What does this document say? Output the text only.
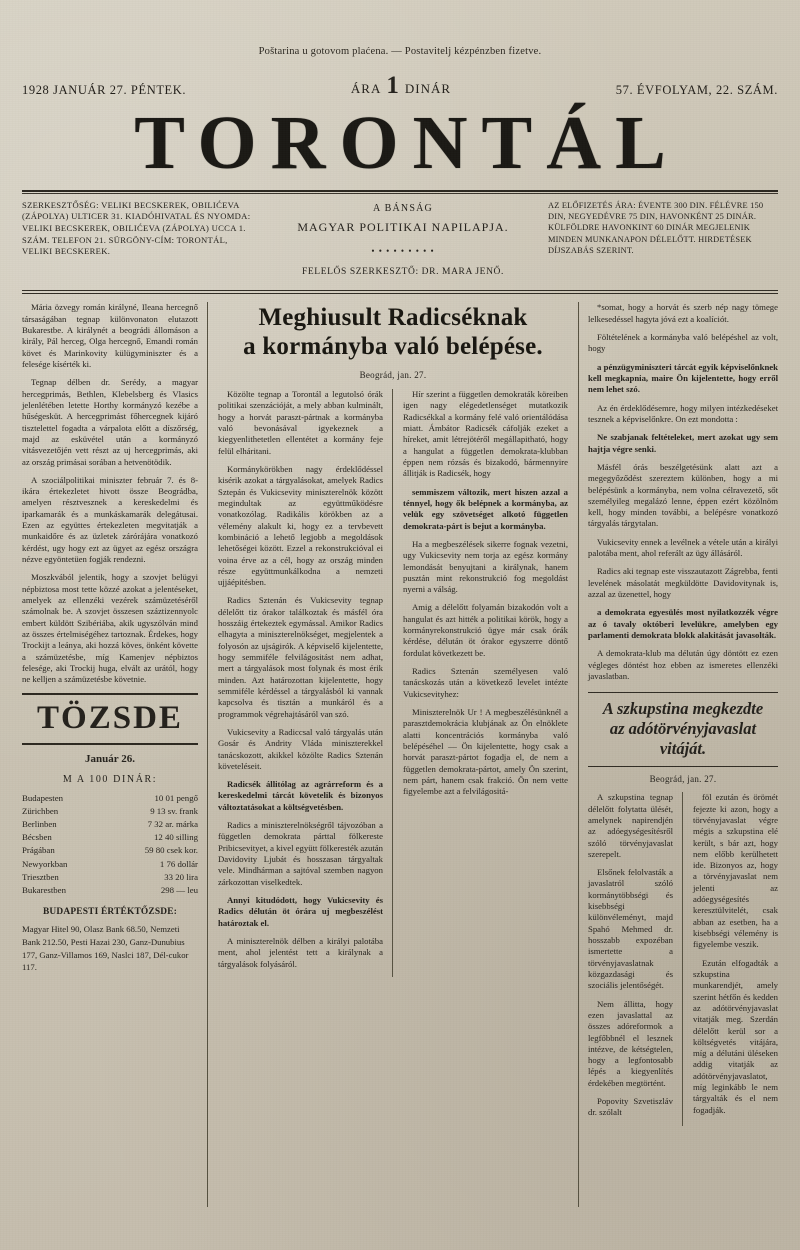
Poštarina u gotovom plaćena. — Postavitelj kézpénzben fizetve.
1928 JANUÁR 27. PÉNTEK.	ÁRA 1 DINÁR	57. ÉVFOLYAM, 22. SZÁM.
TORONTÁL
SZERKESZTŐSÉG: VELIKI BECSKEREK, OBILIĆEVA (ZÁPOLYA) ULTICER 31. KIADÓHIVATAL ÉS NYOMDA: VELIKI BECSKEREK, OBILIĆEVA (ZÁPOLYA) UCCA 1. SZÁM. TELEFON 21. SÜRGÖNY-CÍM: TORONTÁL, VELIKI BECSKEREK.
A BÁNSÁG
MAGYAR POLITIKAI NAPILAPJA.
• • • • • • • • •
FELELŐS SZERKESZTŐ: DR. MARA JENŐ.
AZ ELŐFIZETÉS ÁRA: ÉVENTE 300 DIN. FÉLÉVRE 150 DIN, NEGYEDÉVRE 75 DIN, HAVONKÉNT 25 DINÁR. KÜLFÖLDRE HAVONKINT 60 DINÁR MEGJELENIK MINDEN MUNKANAPON DÉLELŐTT. HIRDETÉSEK DÍJSZABÁS SZERINT.

Mária özvegy román királyné, Ileana hercegnő társaságában tegnap különvonaton elutazott Bukarestbe. A királynét a beográdi állomáson a király, Pál herceg, Olga hercegnő, Emandi román követ és Marinkovity külügyminiszter és a felesége kísérték ki.

Tegnap délben dr. Serédy, a magyar hercegprimás, Bethlen, Klebelsberg és Vlasics jelenlétében letette Horthy kormányzó kezébe a hűségesküt. A hercegprimást főhercegnek kijáró tisztelettel fogadta a várpalota előtt a díszőrség, majd az esküvétel után a kormányzó vitásvezetőjén vett részt az uj hercegprimás, aki az ország primásai sorában a hetvenötödik.

A szociálpolitikai miniszter február 7. és 8-ikára értekezletet hivott össze Beográdba, amelyen résztvesznek a kereskedelmi és iparkamarák és a munkáskamarák delegátusai. Ezen az együttes értekezleten megvitatják a munkaidőre és az üzletek zárórájára vonatkozó kérdést, ugy hogy ezt az ügyet az egész országra nézve egyöntetüen fogják rendezni.

Moszkvából jelentik, hogy a szovjet belügyi népbiztosa most tette közzé azokat a jelentéseket, amelyek az ellenzéki vezérek számüzetéséről számolnak be. A szovjet összesen száztizennyolc embert küldött Szibériába, akik ugyszólván mind az összes értelmiségéhez tartoznak. Érdekes, hogy Trockijt a leánya, aki hozzá köves, önként követte a számüzetésbe, míg Kamenjev népbiztos felesége, aki Trockij huga, elvált az urától, hogy ne kelljen a számüzetésbe követnie.

TÖZSDE
Január 26.
M A 100 DINÁR:
Budapesten	10 01 pengő
Zürichben	9 13 sv. frank
Berlinben	7 32 ar. márka
Bécsben	12 40 silling
Prágában	59 80 csek kor.
Newyorkban	1 76 dollár
Triesztben	33 20 lira
Bukarestben	298 — leu
BUDAPESTI ÉRTÉKTŐZSDE:
Magyar Hitel 90, Olasz Bank 68.50, Nemzeti Bank 212.50, Pesti Hazai 230, Ganz-Dunubius 177, Ganz-Villamos 169, Naslci 187, Dél-cukor 117.
Meghiusult Radicséknak
a kormányba való belépése.
Beográd, jan. 27.

Közölte tegnap a Torontál a legutolsó órák politikai szenzációját, a mely abban kulminált, hogy a horvát paraszt-pártnak a kormányba való bevonásával igyekeznek a kiegyenlithetetlen ellentétet a kormány feje felül elháritani.

Kormánykörökben nagy érdeklődéssel kisérik azokat a tárgyalásokat, amelyek Radics Sztepán és Vukicsevity miniszterelnök között megindultak az együttműködésre vonatkozólag. Radikális körökben az a vélemény alakult ki, hogy ez a tervbevett kombináció a lehető legjobb a megoldások lehetőségei között. Ezzel a rekonstrukcióval ei voina érve az a cél, hogy az ország minden része együttmunkálkodna a nemzeti ujjáépitésben.

Radics Szteпán és Vukicsevity tegnap délelőtt tiz órakor találkoztak és másfél óra hosszáig értekeztek egymással. Amikor Radics elhagyta a miniszterelnökséget, megjelentek a folyosón az ujságirók. A képviselő kijelentette, hogy semmiféle felvilágositást nem adhat, mert a tárgyalások most folynak és most érik minden. Azt határozottan kijelentette, hogy semmiféle kérdéssel a tárgyalásból ki vannak kapcsolva és tisztán a munkáról és a programmok végrehajtásáról van szó.

Vukicsevity a Radiccsal való tárgyalás után Gosár és Andrity Vláda miniszterekkel tanácskozott, akikkel közölte Radics Szteпán követeléseit.

Radicsék állitólag az agrárreform és a kereskedelmi tárcát követelik és bizonyos változtatásokat a költségvetésben.

Radics a miniszterelnökségről tájvozóban a független demokrata párttal fölkereste Pribicsevityet, a kivel együtt fölkeresték azután Davidovity Ljubát és hosszasan tárgyaltak vele. Mindhárman a sajtóval szemben nagyon zárkozottan viselkedtek.

Annyi kitudódott, hogy Vukicsevity és Radics délután öt órára uj megbeszélést határoztak el.

A miniszterelnök délben a királyi palotába ment, ahol jelentést tett a királynak a tárgyalások folyásáról.

Hír szerint a független demokraták köreiben igen nagy elégedetlenséget mutatkozik Radicsékkal a kormány felé való orientálódása miatt. Ámbátor Radicsék cáfolják ezeket a híreket, amit létrejötéről megállapitható, hogy a hangulat a független demokrata-klubban éppen nem rózsás és bizakodó, bármennyire állitják is Radicsék, hogy

semmiszem változik, mert hiszen azzal a ténnyel, hogy ők belépnek a kormányba, az velük egy szövetséget alkotó független demokrata-párt is bejut a kormányba.

Ha a megbeszélések sikerre fognak vezetni, ugy Vukicsevity nem torja az egész kormány lemondását benyujtani a királynak, hanem pusztán mint rekonstrukció fog megoldást nyerni a válság.

Amig a délelőtt folyamán bizakodón volt a hangulat és azt hitték a politikai körök, hogy a kormányrekonstrukció ügye már csak órák kérdése, délután öt órakor egyszerre döntő fordulat következett be.

Radics Szteпán személyesen való tanácskozás után a következő levelet intézte Vukicsevityhez:

Miniszterelnök Ur ! A megbeszélésünknél a parasztdemokrácia klubjának az Ön elnöklete alatti koncentrációs kormányba való belépéséhel — Ön kijelentette, hogy csak a horvát paraszt-pártot fogadja el, de nem a független demokrata-pártot, amely Ön szerint, nem párt, hanem csak frakció. Ön nem vette figyelembe azt a felvilágositá-

*somat, hogy a horvát és szerb nép nagy tömege lelkesedéssel hagyta jóvá ezt a koalíciót.

Föltételének a kormányba való belépéshel az volt, hogy

a pénzügyminiszteri tárcát egyik képviselőnknek kell megkapnia, maire Ön kijelentette, hogy erről nem lehet szó.

Az én érdeklődésemre, hogy milyen intézkedéseket tesznek a képviselőnkre. On ezt mondotta :

Ne szabjanak feltételeket, mert azokat ugy sem hajtja végre senki.

Másfél órás beszélgetésünk alatt azt a megegyőződést szereztem különben, hogy a mi belépésünk a kormányba, nem volna célravezető, sőt személyileg megalázó lenne, éppen ezért közölnöm kell, hogy minden további, a belépésre vonatkozó tárgyalás tárgytalan.

Vukicsevity ennek a levélnek a vétele után a királyi palotába ment, ahol referált az ügy állásáról.

Radics aki tegnap este visszautazott Zágrebba, fenti levelének másolatát megküldötte Davidovitynak is, azzal az üzenettel, hogy

a demokrata egyesülés most nyilatkozzék végre az ó tavaly októberi levelükre, amelyben egy parlamenti demokrata blokk alakitását javasolták.

A demokrata-klub ma délután úgy döntött ez ezen végleges döntést hoz ebben az ismeretes ellenzéki javaslatban.

A szkupstina megkezdte
az adótörvényjavaslat vitáját.
Beográd, jan. 27.

A szkupstina tegnap délelőtt folytatta ülését, amelynek napirendjén az adóegységesítésről szóló törvényjavaslat szerepelt.

Elsőnek felolvasták a javaslatról szóló kormánytöbbségi és kisebbségi különvéleményt, majd Spahó Mehmed dr. hosszabb expozéban ismertette a törvényjavaslatnak közgazdasági és szociális jelentőségét.

Nem állitta, hogy ezen javaslattal az összes adóreformok a legfőbbnél el lesznek intézve, de kétségtelen, hogy a legfontosabb lépés a kiegyenlítés érdekében megtörtént.

Popovity Szvetiszláv dr. szólalt

föl ezután és örömét fejezte ki azon, hogy a törvényjavaslat végre mégis a szkupstina elé került, s bár azt, hogy nem előbb kerülhetett ide. Bizonyos az, hogy a törvényjavaslat nem jelenti az adóegységesítés keresztülvitelét, csak abban az esetben, ha a kisebbségi vélemény is figyelembe veszik.

Ezután elfogadták a szkupstina munkarendjét, amely szerint hétfőn és kedden az adótörvényjavaslat vitatják meg. Szerdán délelőtt kerül sor a költségvetés vitájára, míg a délutáni üléseken addig vitatják az adótörvényjavaslatot, míg leginkább le nem tárgyalták és el nem fogadják.
